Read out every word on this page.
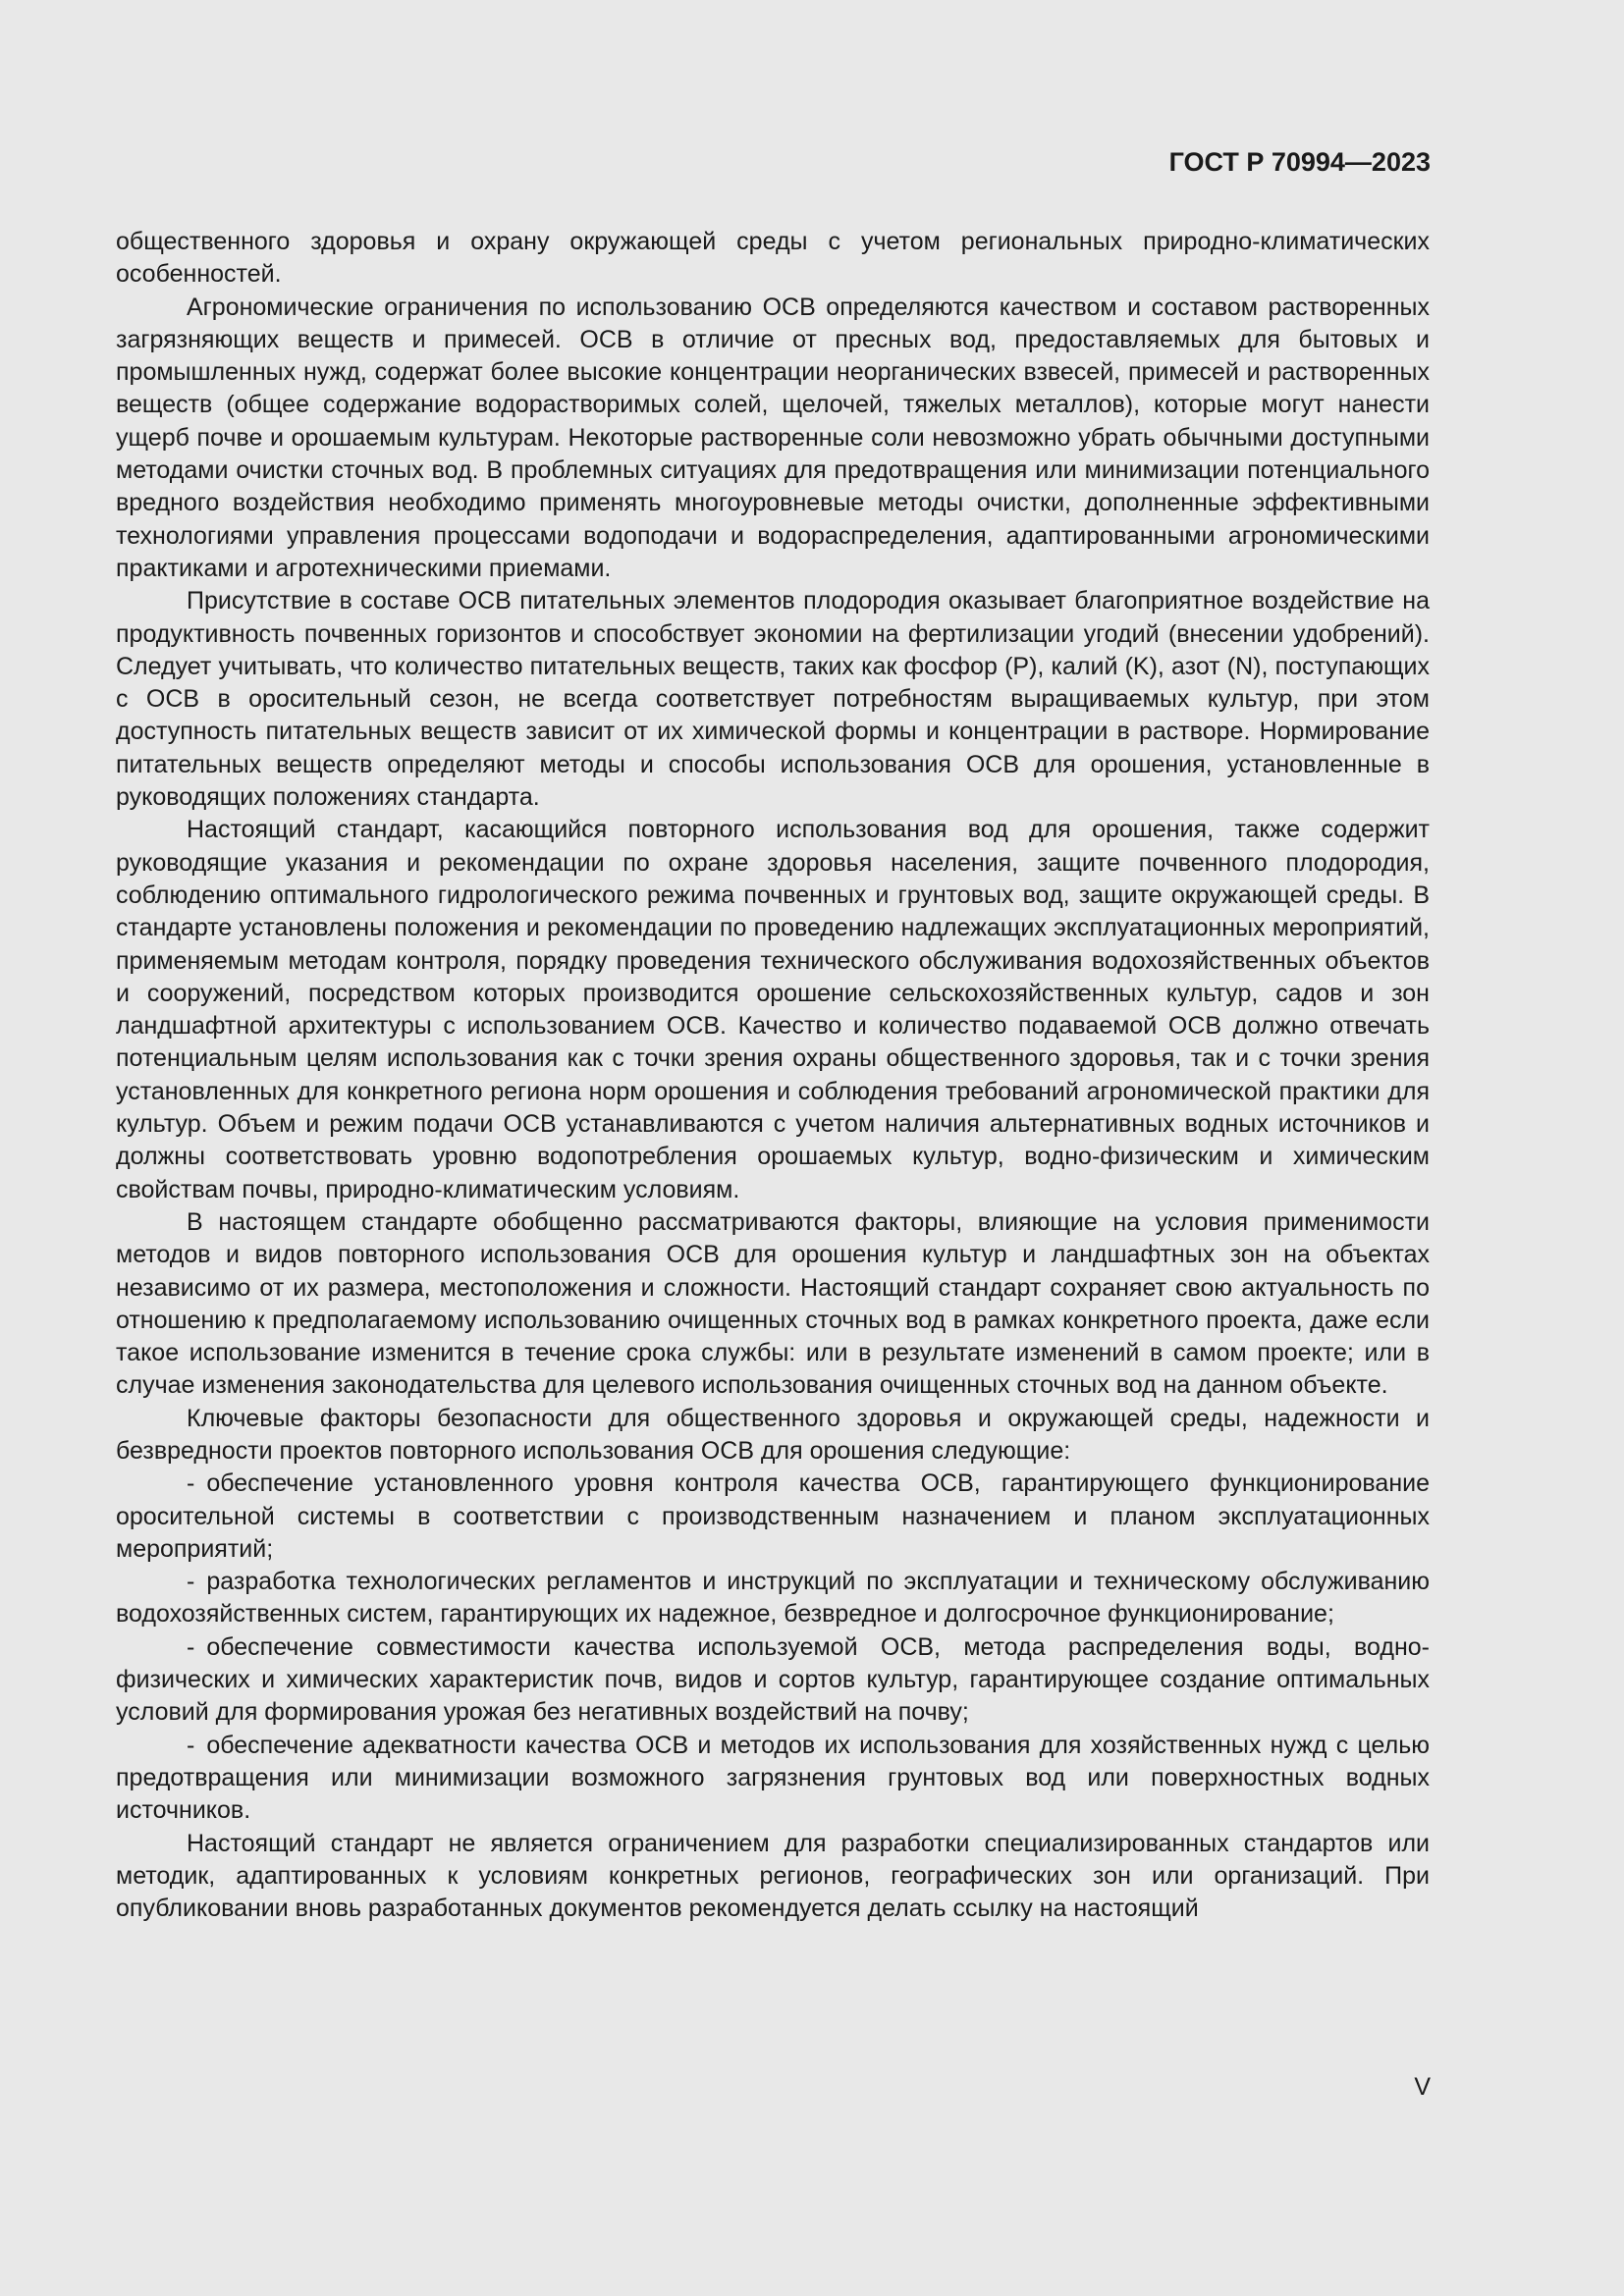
ГОСТ Р 70994—2023

общественного здоровья и охрану окружающей среды с учетом региональных природно-климатических особенностей.

Агрономические ограничения по использованию ОСВ определяются качеством и составом растворенных загрязняющих веществ и примесей. ОСВ в отличие от пресных вод, предоставляемых для бытовых и промышленных нужд, содержат более высокие концентрации неорганических взвесей, примесей и растворенных веществ (общее содержание водорастворимых солей, щелочей, тяжелых металлов), которые могут нанести ущерб почве и орошаемым культурам. Некоторые растворенные соли невозможно убрать обычными доступными методами очистки сточных вод. В проблемных ситуациях для предотвращения или минимизации потенциального вредного воздействия необходимо применять многоуровневые методы очистки, дополненные эффективными технологиями управления процессами водоподачи и водораспределения, адаптированными агрономическими практиками и агротехническими приемами.

Присутствие в составе ОСВ питательных элементов плодородия оказывает благоприятное воздействие на продуктивность почвенных горизонтов и способствует экономии на фертилизации угодий (внесении удобрений). Следует учитывать, что количество питательных веществ, таких как фосфор (P), калий (K), азот (N), поступающих с ОСВ в оросительный сезон, не всегда соответствует потребностям выращиваемых культур, при этом доступность питательных веществ зависит от их химической формы и концентрации в растворе. Нормирование питательных веществ определяют методы и способы использования ОСВ для орошения, установленные в руководящих положениях стандарта.

Настоящий стандарт, касающийся повторного использования вод для орошения, также содержит руководящие указания и рекомендации по охране здоровья населения, защите почвенного плодородия, соблюдению оптимального гидрологического режима почвенных и грунтовых вод, защите окружающей среды. В стандарте установлены положения и рекомендации по проведению надлежащих эксплуатационных мероприятий, применяемым методам контроля, порядку проведения технического обслуживания водохозяйственных объектов и сооружений, посредством которых производится орошение сельскохозяйственных культур, садов и зон ландшафтной архитектуры с использованием ОСВ. Качество и количество подаваемой ОСВ должно отвечать потенциальным целям использования как с точки зрения охраны общественного здоровья, так и с точки зрения установленных для конкретного региона норм орошения и соблюдения требований агрономической практики для культур. Объем и режим подачи ОСВ устанавливаются с учетом наличия альтернативных водных источников и должны соответствовать уровню водопотребления орошаемых культур, водно-физическим и химическим свойствам почвы, природно-климатическим условиям.

В настоящем стандарте обобщенно рассматриваются факторы, влияющие на условия применимости методов и видов повторного использования ОСВ для орошения культур и ландшафтных зон на объектах независимо от их размера, местоположения и сложности. Настоящий стандарт сохраняет свою актуальность по отношению к предполагаемому использованию очищенных сточных вод в рамках конкретного проекта, даже если такое использование изменится в течение срока службы: или в результате изменений в самом проекте; или в случае изменения законодательства для целевого использования очищенных сточных вод на данном объекте.

Ключевые факторы безопасности для общественного здоровья и окружающей среды, надежности и безвредности проектов повторного использования ОСВ для орошения следующие:

- обеспечение установленного уровня контроля качества ОСВ, гарантирующего функционирование оросительной системы в соответствии с производственным назначением и планом эксплуатационных мероприятий;

- разработка технологических регламентов и инструкций по эксплуатации и техническому обслуживанию водохозяйственных систем, гарантирующих их надежное, безвредное и долгосрочное функционирование;

- обеспечение совместимости качества используемой ОСВ, метода распределения воды, водно-физических и химических характеристик почв, видов и сортов культур, гарантирующее создание оптимальных условий для формирования урожая без негативных воздействий на почву;

- обеспечение адекватности качества ОСВ и методов их использования для хозяйственных нужд с целью предотвращения или минимизации возможного загрязнения грунтовых вод или поверхностных водных источников.

Настоящий стандарт не является ограничением для разработки специализированных стандартов или методик, адаптированных к условиям конкретных регионов, географических зон или организаций. При опубликовании вновь разработанных документов рекомендуется делать ссылку на настоящий

V
